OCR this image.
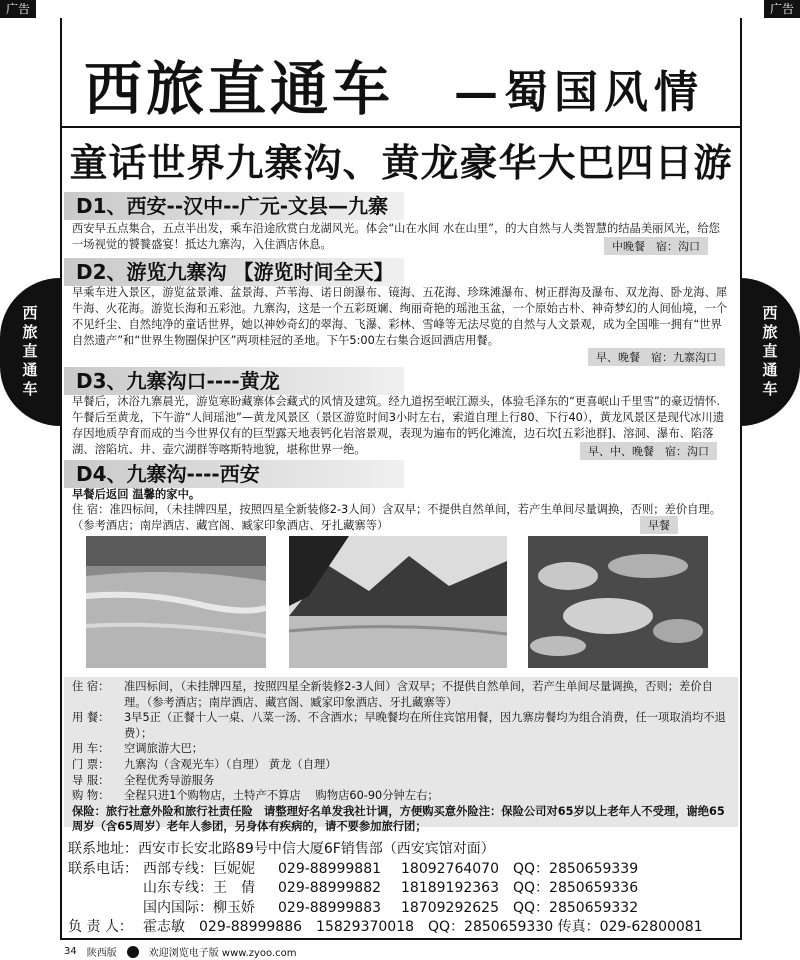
广告	广告
西旅直通车	西旅直通车
西旅直通车 —蜀国风情
童话世界九寨沟、黄龙豪华大巴四日游
D1、西安--汉中--广元-文县—九寨
西安早五点集合，五点半出发，乘车沿途欣赏白龙湖风光。体会“山在水间 水在山里”，的大自然与人类智慧的结晶美丽风光，给您一场视觉的饕餮盛宴！抵达九寨沟，入住酒店休息。	中晚餐　宿：沟口
D2、游览九寨沟 【游览时间全天】
早乘车进入景区，游览盆景滩、盆景海、芦苇海、诺日朗瀑布、镜海、五花海、珍珠滩瀑布、树正群海及瀑布、双龙海、卧龙海、犀牛海、火花海。游览长海和五彩池。九寨沟，这是一个五彩斑斓、绚丽奇艳的瑶池玉盆，一个原始古朴、神奇梦幻的人间仙境，一个不见纤尘、自然纯净的童话世界，她以神妙奇幻的翠海、飞瀑、彩林、雪峰等无法尽览的自然与人文景观，成为全国唯一拥有“世界自然遗产”和“世界生物圈保护区”两项桂冠的圣地。下午5:00左右集合返回酒店用餐。
早、晚餐　宿：九寨沟口
D3、九寨沟口----黄龙
早餐后，沐浴九寨晨光，游览寒盼藏寨体会藏式的风情及建筑。经九道拐至岷江源头，体验毛泽东的“更喜岷山千里雪”的豪迈情怀.午餐后至黄龙，下午游“人间瑶池”—黄龙风景区（景区游览时间3小时左右，索道自理上行80、下行40），黄龙风景区是现代冰川遗存因地质孕育而成的当今世界仅有的巨型露天地表钙化岩溶景观，表现为遍布的钙化滩流，边石坎[五彩池群]、溶洞、瀑布、陷落湖、溶陷坑、井、壶穴湖群等喀斯特地貌，堪称世界一绝。	早、中、晚餐　宿：沟口
D4、九寨沟----西安
早餐后返回 温馨的家中。
住 宿：准四标间，（未挂牌四星，按照四星全新装修2-3人间）含双早；不提供自然单间，若产生单间尽量调换，否则；差价自理。（参考酒店；南岸酒店、藏宫阁、臧家印象酒店、牙扎藏寨等）	早餐
住 宿：	准四标间，（未挂牌四星，按照四星全新装修2-3人间）含双早；不提供自然单间，若产生单间尽量调换，否则；差价自理。（参考酒店；南岸酒店、藏宫阁、臧家印象酒店、牙扎藏寨等）
用 餐：	3早5正（正餐十人一桌、八菜一汤、不含酒水；早晚餐均在所住宾馆用餐，因九寨房餐均为组合消费，任一项取消均不退费）；
用 车：	空调旅游大巴；
门 票：	九寨沟（含观光车）（自理） 黄龙（自理）
导 服：	全程优秀导游服务
购 物：	全程只进1个购物店，土特产不算店　 购物店60-90分钟左右；
保险：旅行社意外险和旅行社责任险　请整理好名单发我社计调，方便购买意外险注：保险公司对65岁以上老年人不受理，谢绝65周岁（含65周岁）老年人参团，另身体有疾病的，请不要参加旅行团；
联系地址： 西安市长安北路89号中信大厦6F销售部（西安宾馆对面）
联系电话： 西部专线：巨妮妮	029-88999881	18092764070	QQ：2850659339
山东专线：王　倩	029-88999882	18189192363	QQ：2850659336
国内国际：柳玉娇	029-88999883	18709292625	QQ：2850659332
负 责 人： 霍志敏　029-88999886　15829370018　QQ：2850659330 传真：029-62800081
34 陕西版	欢迎浏览电子版 www.zyoo.com
